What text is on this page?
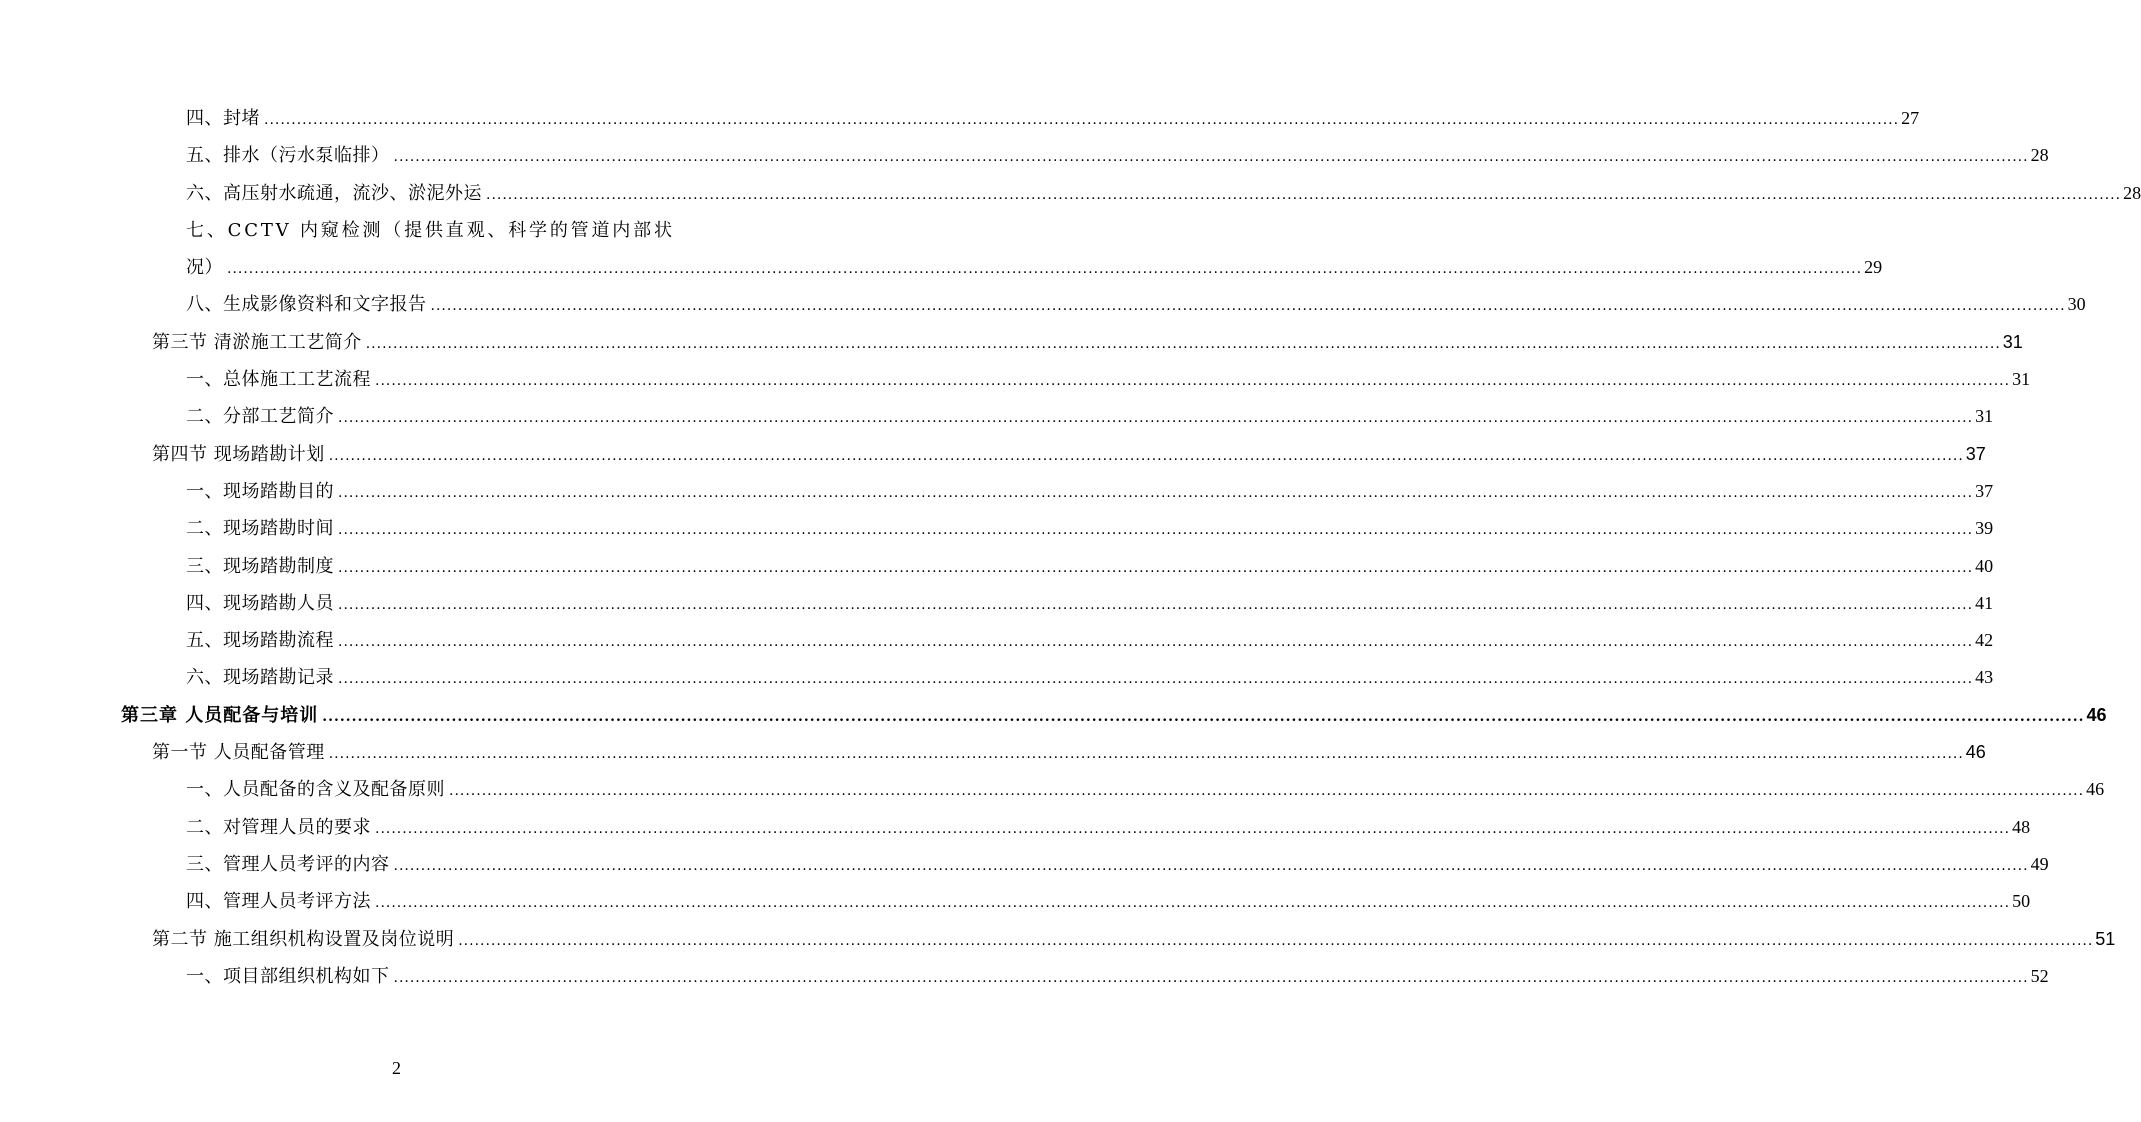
四、封堵 ............................................................................................................................................................................................................................................................................................................ 27
五、排水（污水泵临排） ............................................................................................................................................................................................................................................................................................................ 28
六、高压射水疏通，流沙、淤泥外运 ............................................................................................................................................................................................................................................................................................................ 28
七、CCTV 内窥检测（提供直观、科学的管道内部状
况） ............................................................................................................................................................................................................................................................................................................ 29
八、生成影像资料和文字报告 ............................................................................................................................................................................................................................................................................................................ 30
第三节 清淤施工工艺简介 ............................................................................................................................................................................................................................................................................................................ 31
一、总体施工工艺流程 ............................................................................................................................................................................................................................................................................................................ 31
二、分部工艺简介 ............................................................................................................................................................................................................................................................................................................ 31
第四节 现场踏勘计划 ............................................................................................................................................................................................................................................................................................................ 37
一、现场踏勘目的 ............................................................................................................................................................................................................................................................................................................ 37
二、现场踏勘时间 ............................................................................................................................................................................................................................................................................................................ 39
三、现场踏勘制度 ............................................................................................................................................................................................................................................................................................................ 40
四、现场踏勘人员 ............................................................................................................................................................................................................................................................................................................ 41
五、现场踏勘流程 ............................................................................................................................................................................................................................................................................................................ 42
六、现场踏勘记录 ............................................................................................................................................................................................................................................................................................................ 43
第三章 人员配备与培训 ............................................................................................................................................................................................................................................................................................................ 46
第一节 人员配备管理 ............................................................................................................................................................................................................................................................................................................ 46
一、人员配备的含义及配备原则 ............................................................................................................................................................................................................................................................................................................ 46
二、对管理人员的要求 ............................................................................................................................................................................................................................................................................................................ 48
三、管理人员考评的内容 ............................................................................................................................................................................................................................................................................................................ 49
四、管理人员考评方法 ............................................................................................................................................................................................................................................................................................................ 50
第二节 施工组织机构设置及岗位说明 ............................................................................................................................................................................................................................................................................................................ 51
一、项目部组织机构如下 ............................................................................................................................................................................................................................................................................................................ 52
2
